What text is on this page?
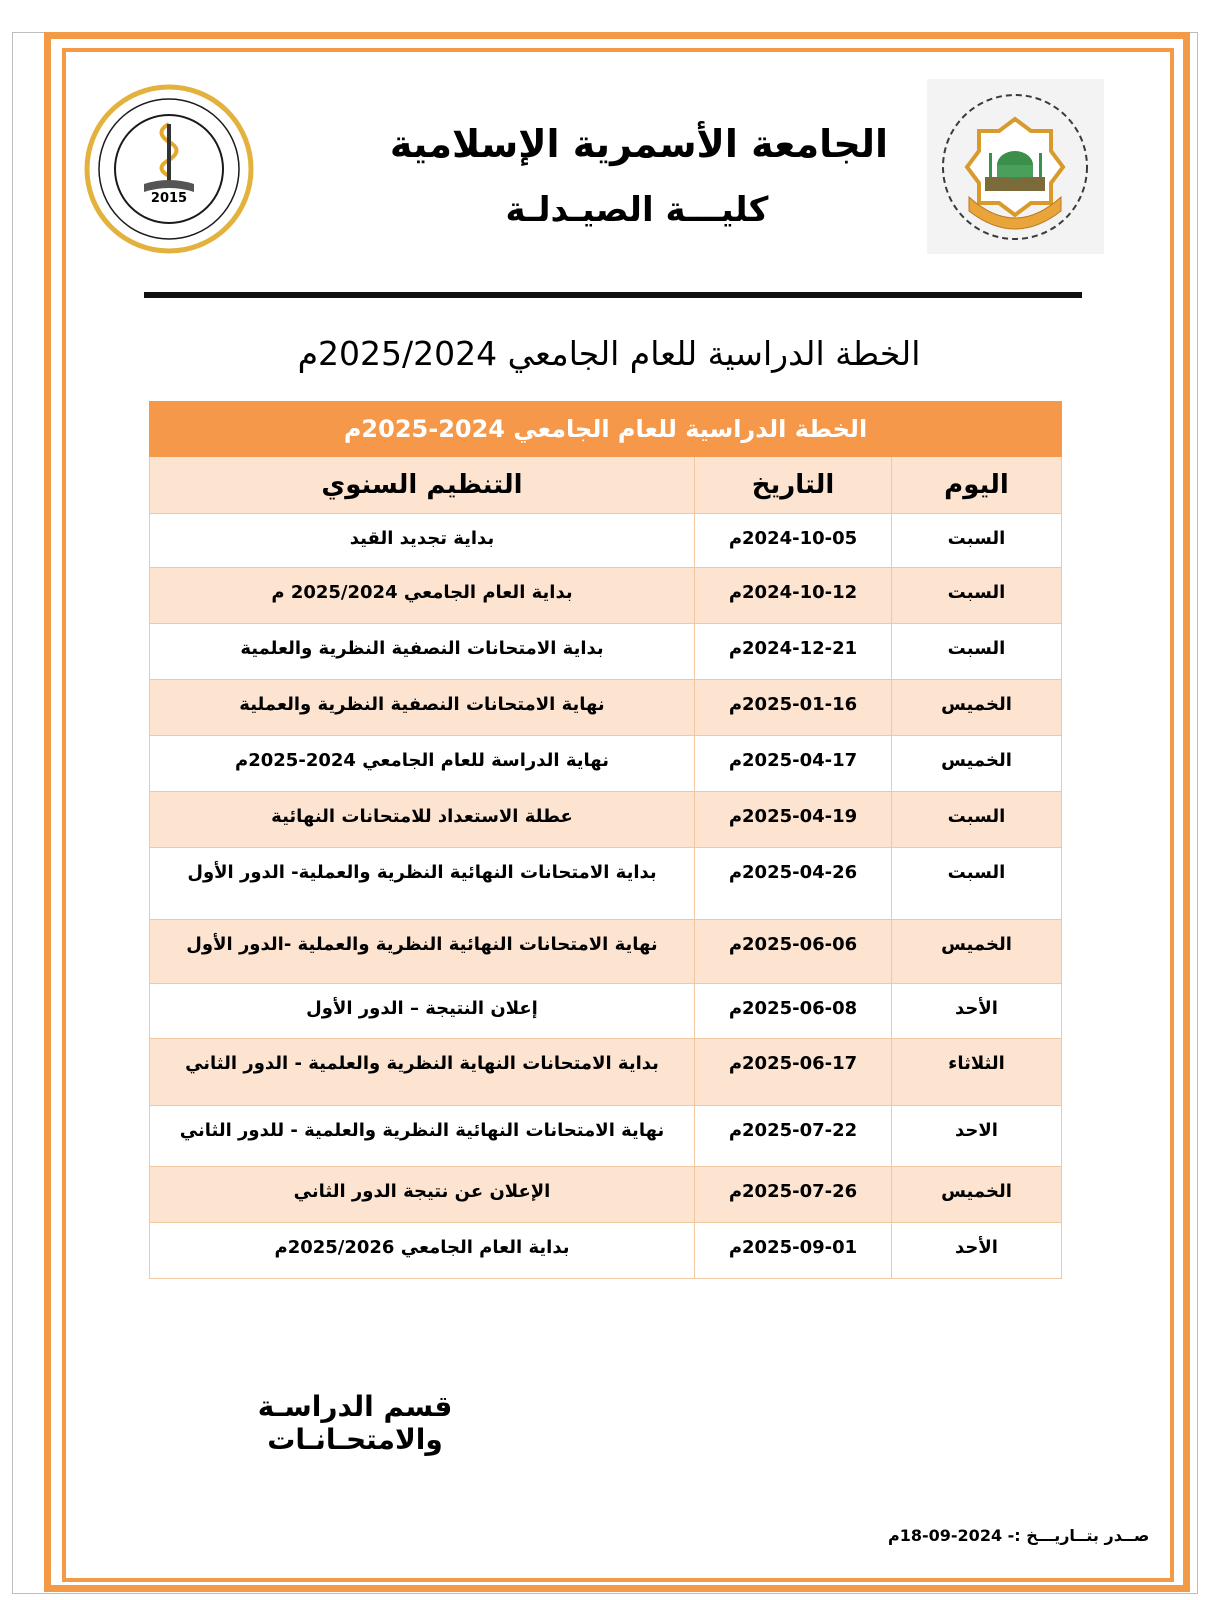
2015
الجامعة الأسمرية الإسلامية
كليـــة الصيـدلـة
الخطة الدراسية للعام الجامعي 2025/2024م
الخطة الدراسية للعام الجامعي 2024-2025م		
اليوم	التاريخ	التنظيم السنوي
السبت	2024-10-05م	بداية تجديد القيد
السبت	2024-10-12م	بداية العام الجامعي 2025/2024 م
السبت	2024-12-21م	بداية الامتحانات النصفية النظرية والعلمية
الخميس	2025-01-16م	نهاية الامتحانات النصفية النظرية والعملية
الخميس	2025-04-17م	نهاية الدراسة للعام الجامعي 2024-2025م
السبت	2025-04-19م	عطلة الاستعداد للامتحانات النهائية
السبت	2025-04-26م	بداية الامتحانات النهائية النظرية والعملية- الدور الأول
الخميس	2025-06-06م	نهاية الامتحانات النهائية النظرية والعملية -الدور الأول
الأحد	2025-06-08م	إعلان النتيجة – الدور الأول
الثلاثاء	2025-06-17م	بداية الامتحانات النهاية النظرية والعلمية - الدور الثاني
الاحد	2025-07-22م	نهاية الامتحانات النهائية النظرية والعلمية - للدور الثاني
الخميس	2025-07-26م	الإعلان عن نتيجة الدور الثاني
الأحد	2025-09-01م	بداية العام الجامعي 2025/2026م
قسم الدراسـة والامتحـانـات
صــدر بتــاريـــخ :- 2024-09-18م
